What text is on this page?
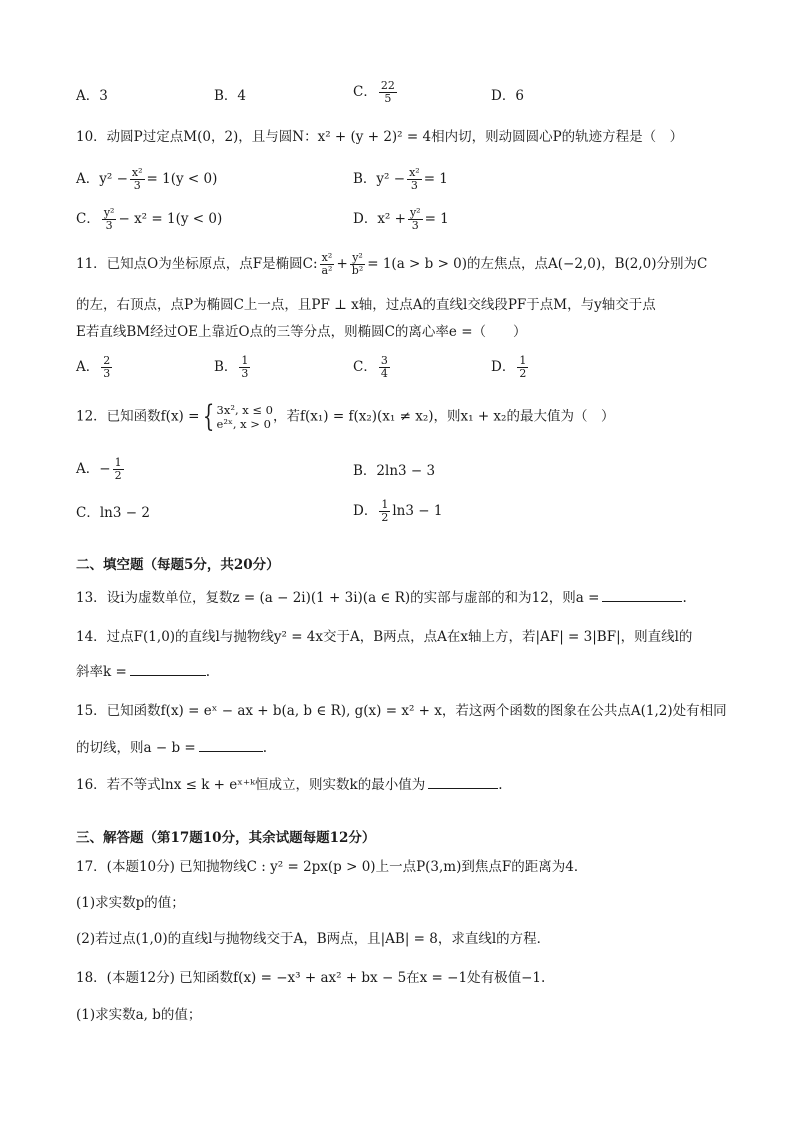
A．3	B．4	C． $\frac{22}{5}$	D．6
10．动圆P过定点M(0，2)，且与圆N：x² + (y + 2)² = 4相内切，则动圆圆心P的轨迹方程是（　）
A．$y^2 - \frac{\text{x²}}{3} = 1(y < 0)$	B．$y^2 - \frac{\text{x²}}{3} = 1$
C． $\frac{\text{y²}}{3} - x^2 = 1(y < 0)$	D．$x^2 + \frac{\text{y²}}{3} = 1$
11．已知点O为坐标原点，点F是椭圆C: $\frac{\text{x²}}{\text{a²}} + \frac{\text{y²}}{\text{b²}} = 1(a > b > 0)$的左焦点，点A(−2,0)，B(2,0)分别为C
的左，右顶点，点P为椭圆C上一点，且PF ⊥ x轴，过点A的直线l交线段PF于点M，与y轴交于点
E若直线BM经过OE上靠近O点的三等分点，则椭圆C的离心率e =（　　）
A． $\frac{2}{3}$	B． $\frac{1}{3}$	C． $\frac{3}{4}$	D． $\frac{1}{2}$
12．已知函数f(x) = { 3x², x ≤ 0
e²ˣ, x > 0 ，若f(x₁) = f(x₂)(x₁ ≠ x₂)，则x₁ + x₂的最大值为（　）
A．− $\frac{1}{2}$	B．2ln3 − 3
C．ln3 − 2	D． $\frac{1}{2} \ln 3 - 1$
二、填空题（每题5分，共20分）
13．设i为虚数单位，复数z = (a − 2i)(1 + 3i)(a ∈ R)的实部与虚部的和为12，则a =	.
14．过点F(1,0)的直线l与抛物线y² = 4x交于A，B两点，点A在x轴上方，若|AF| = 3|BF|，则直线l的
斜率k =	.
15．已知函数f(x) = eˣ − ax + b(a, b ∈ R), g(x) = x² + x，若这两个函数的图象在公共点A(1,2)处有相同
的切线，则a − b =	.
16．若不等式lnx ≤ k + eˣ⁺ᵏ恒成立，则实数k的最小值为	.
三、解答题（第17题10分，其余试题每题12分）
17．(本题10分) 已知抛物线C : y² = 2px(p > 0)上一点P(3,m)到焦点F的距离为4．
(1)求实数p的值；
(2)若过点(1,0)的直线l与抛物线交于A，B两点，且|AB| = 8，求直线l的方程．
18．(本题12分) 已知函数f(x) = −x³ + ax² + bx − 5在x = −1处有极值−1.
(1)求实数a, b的值；
